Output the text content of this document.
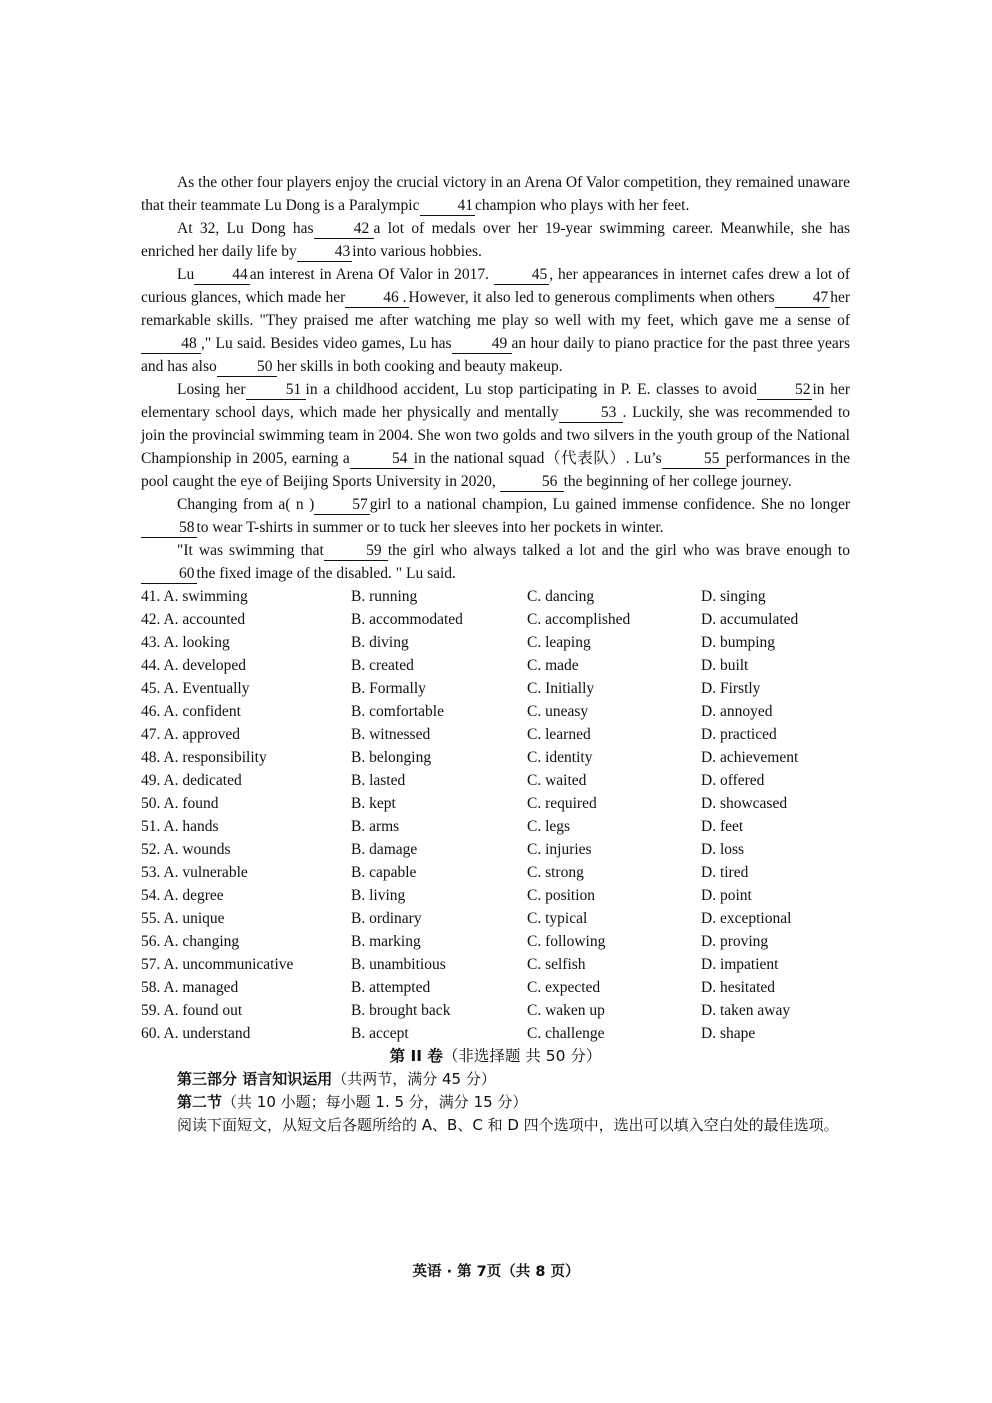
As the other four players enjoy the crucial victory in an Arena Of Valor competition, they remained unaware that their teammate Lu Dong is a Paralympic 41 champion who plays with her feet.

At 32, Lu Dong has	42 a lot of medals over her 19-year swimming career. Meanwhile, she has enriched her daily life by 43 into various hobbies.

Lu 44 an interest in Arena Of Valor in 2017.	45 , her appearances in internet cafes drew a lot of curious glances, which made her 46 . However, it also led to generous compliments when others 47 her remarkable skills. "They praised me after watching me play so well with my feet, which gave me a sense of48 ," Lu said. Besides video games, Lu has	49 an hour daily to piano practice for the past three years and has also	50 her skills in both cooking and beauty makeup.

Losing her	51 in a childhood accident, Lu stop participating in P. E. classes to avoid 52 in her elementary school days, which made her physically and mentally	53 . Luckily, she was recommended to join the provincial swimming team in 2004. She won two golds and two silvers in the youth group of the National Championship in 2005, earning a	54 in the national squad（代表队）. Lu’s	55 performances in the pool caught the eye of Beijing Sports University in 2020,	56 the beginning of her college journey.

Changing from a( n ) 57 girl to a national champion, Lu gained immense confidence. She no longer58 to wear T-shirts in summer or to tuck her sleeves into her pockets in winter.

"It was swimming that	59 the girl who always talked a lot and the girl who was brave enough to60 the fixed image of the disabled. " Lu said.

41. A. swimming	B. running	C. dancing	D. singing
42. A. accounted	B. accommodated	C. accomplished	D. accumulated
43. A. looking	B. diving	C. leaping	D. bumping
44. A. developed	B. created	C. made	D. built
45. A. Eventually	B. Formally	C. Initially	D. Firstly
46. A. confident	B. comfortable	C. uneasy	D. annoyed
47. A. approved	B. witnessed	C. learned	D. practiced
48. A. responsibility	B. belonging	C. identity	D. achievement
49. A. dedicated	B. lasted	C. waited	D. offered
50. A. found	B. kept	C. required	D. showcased
51. A. hands	B. arms	C. legs	D. feet
52. A. wounds	B. damage	C. injuries	D. loss
53. A. vulnerable	B. capable	C. strong	D. tired
54. A. degree	B. living	C. position	D. point
55. A. unique	B. ordinary	C. typical	D. exceptional
56. A. changing	B. marking	C. following	D. proving
57. A. uncommunicative	B. unambitious	C. selfish	D. impatient
58. A. managed	B. attempted	C. expected	D. hesitated
59. A. found out	B. brought back	C. waken up	D. taken away
60. A. understand	B. accept	C. challenge	D. shape
第 II 卷（非选择题 共 50 分）
第三部分 语言知识运用（共两节，满分 45 分）
第二节（共 10 小题；每小题 1. 5 分，满分 15 分）
阅读下面短文，从短文后各题所给的 A、B、C 和 D 四个选项中，选出可以填入空白处的最佳选项。
英语 · 第 7页（共 8 页）
